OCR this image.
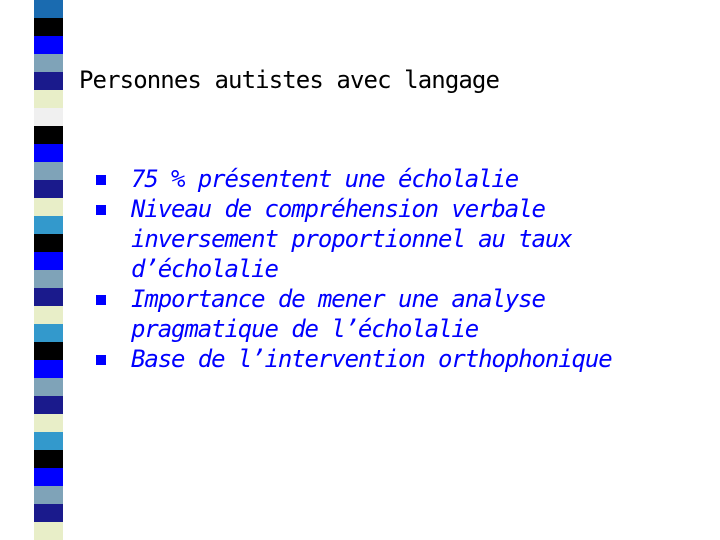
Personnes autistes avec langage
75 % présentent une écholalie
Niveau de compréhension verbale inversement proportionnel au taux d’écholalie
Importance de mener une analyse pragmatique de l’écholalie
Base de l’intervention orthophonique
